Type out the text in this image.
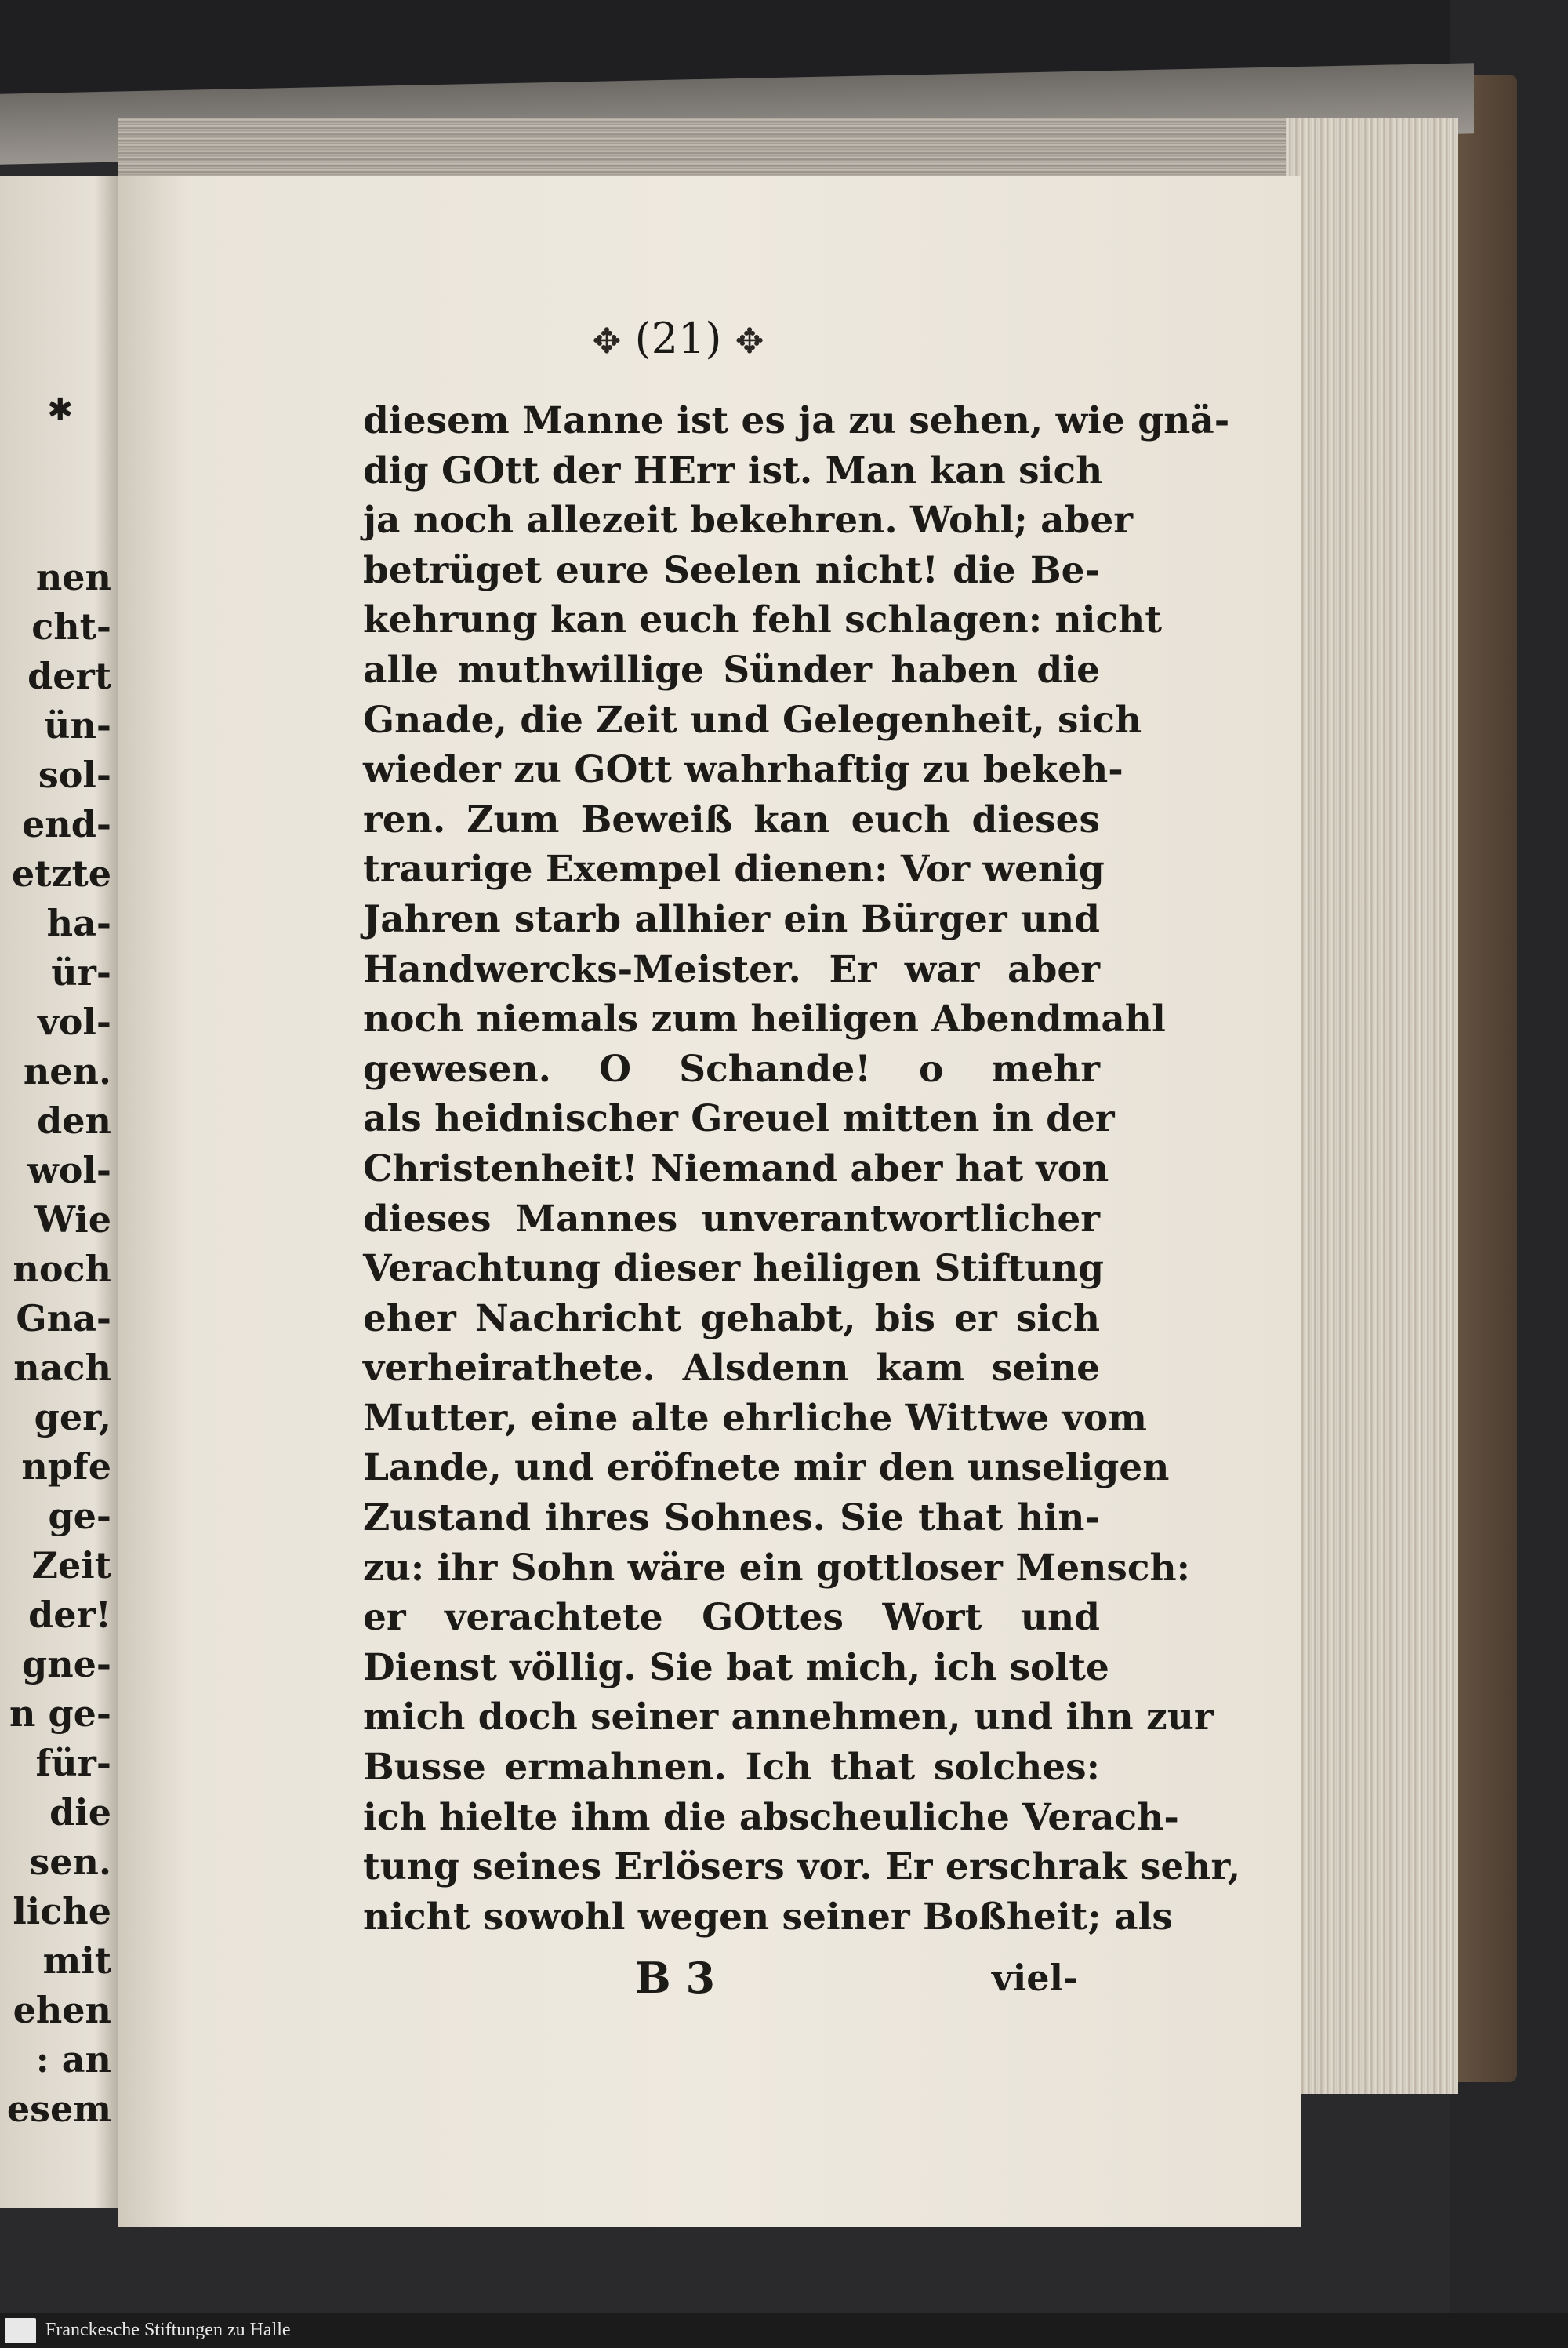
✱
nen
cht-
dert
ün-
sol-
end-
etzte
ha-
ür-
vol-
nen.
den
wol-
Wie
noch
Gna-
nach
ger,
npfe
ge-
Zeit
der!
gne-
n ge-
für-
die
sen.
liche
mit
ehen
: an
esem
✥ (21) ✥
diesem Manne ist es ja zu sehen, wie gnä-
dig GOtt der HErr ist. Man kan sich
ja noch allezeit bekehren. Wohl; aber
betrüget eure Seelen nicht! die Be-
kehrung kan euch fehl schlagen: nicht
alle muthwillige Sünder haben die
Gnade, die Zeit und Gelegenheit, sich
wieder zu GOtt wahrhaftig zu bekeh-
ren. Zum Beweiß kan euch dieses
traurige Exempel dienen: Vor wenig
Jahren starb allhier ein Bürger und
Handwercks-Meister. Er war aber
noch niemals zum heiligen Abendmahl
gewesen. O Schande! o mehr
als heidnischer Greuel mitten in der
Christenheit! Niemand aber hat von
dieses Mannes unverantwortlicher
Verachtung dieser heiligen Stiftung
eher Nachricht gehabt, bis er sich
verheirathete. Alsdenn kam seine
Mutter, eine alte ehrliche Wittwe vom
Lande, und eröfnete mir den unseligen
Zustand ihres Sohnes. Sie that hin-
zu: ihr Sohn wäre ein gottloser Mensch:
er verachtete GOttes Wort und
Dienst völlig. Sie bat mich, ich solte
mich doch seiner annehmen, und ihn zur
Busse ermahnen. Ich that solches:
ich hielte ihm die abscheuliche Verach-
tung seines Erlösers vor. Er erschrak sehr,
nicht sowohl wegen seiner Boßheit; als
B 3	viel-
Franckesche Stiftungen zu Halle
